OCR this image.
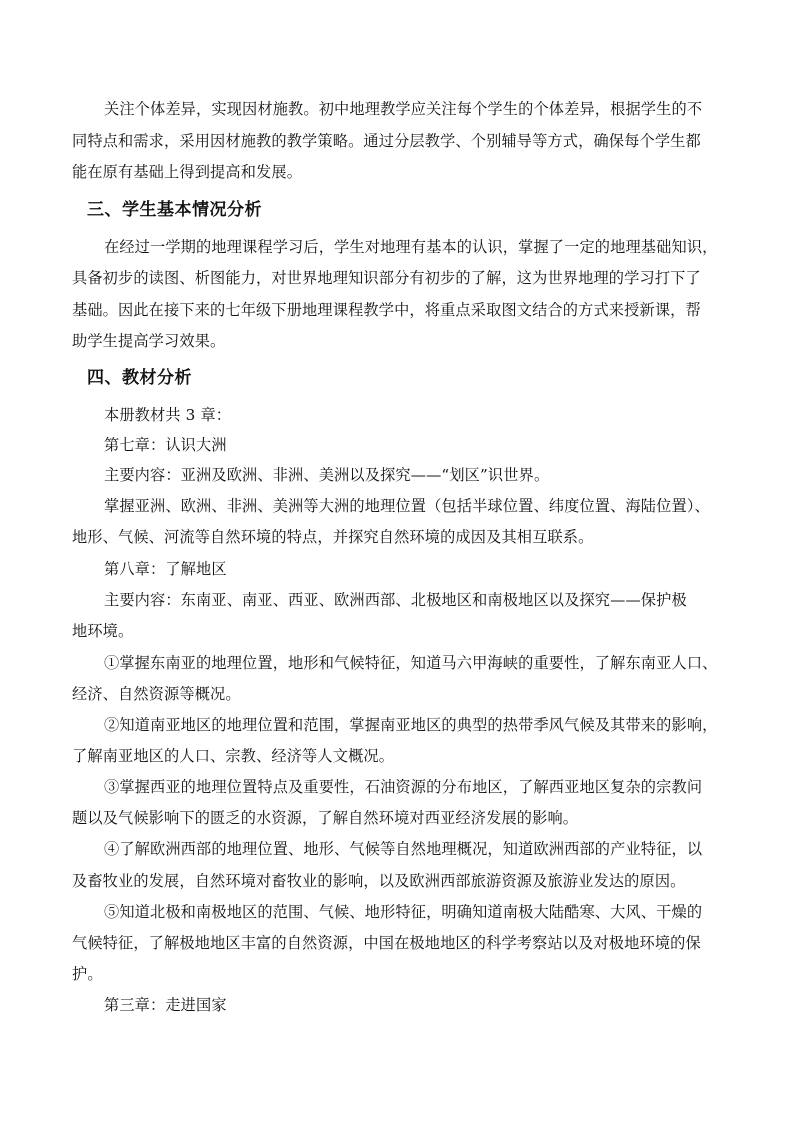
关注个体差异，实现因材施教。初中地理教学应关注每个学生的个体差异，根据学生的不
同特点和需求，采用因材施教的教学策略。通过分层教学、个别辅导等方式，确保每个学生都
能在原有基础上得到提高和发展。
三、学生基本情况分析
在经过一学期的地理课程学习后，学生对地理有基本的认识，掌握了一定的地理基础知识，
具备初步的读图、析图能力，对世界地理知识部分有初步的了解，这为世界地理的学习打下了
基础。因此在接下来的七年级下册地理课程教学中，将重点采取图文结合的方式来授新课，帮
助学生提高学习效果。
四、教材分析
本册教材共 3 章：
第七章：认识大洲
主要内容：亚洲及欧洲、非洲、美洲以及探究——“划区”识世界。
掌握亚洲、欧洲、非洲、美洲等大洲的地理位置（包括半球位置、纬度位置、海陆位置）、
地形、气候、河流等自然环境的特点，并探究自然环境的成因及其相互联系。
第八章：了解地区
主要内容：东南亚、南亚、西亚、欧洲西部、北极地区和南极地区以及探究——保护极
地环境。
①掌握东南亚的地理位置，地形和气候特征，知道马六甲海峡的重要性，了解东南亚人口、
经济、自然资源等概况。
②知道南亚地区的地理位置和范围，掌握南亚地区的典型的热带季风气候及其带来的影响，
了解南亚地区的人口、宗教、经济等人文概况。
③掌握西亚的地理位置特点及重要性，石油资源的分布地区，了解西亚地区复杂的宗教问
题以及气候影响下的匮乏的水资源，了解自然环境对西亚经济发展的影响。
④了解欧洲西部的地理位置、地形、气候等自然地理概况，知道欧洲西部的产业特征，以
及畜牧业的发展，自然环境对畜牧业的影响，以及欧洲西部旅游资源及旅游业发达的原因。
⑤知道北极和南极地区的范围、气候、地形特征，明确知道南极大陆酷寒、大风、干燥的
气候特征，了解极地地区丰富的自然资源，中国在极地地区的科学考察站以及对极地环境的保
护。
第三章：走进国家
